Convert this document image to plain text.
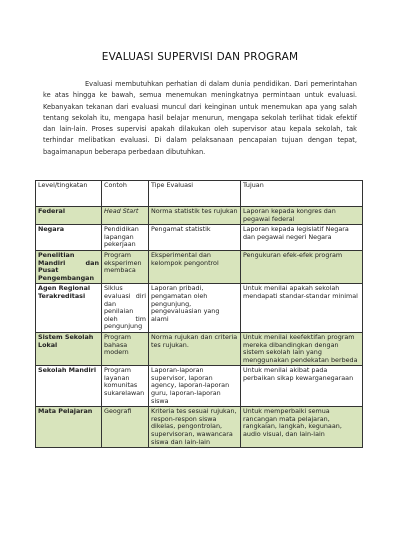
EVALUASI SUPERVISI DAN PROGRAM
Evaluasi membutuhkan perhatian di dalam dunia pendidikan. Dari pemerintahan ke atas hingga ke bawah, semua menemukan meningkatnya permintaan untuk evaluasi. Kebanyakan tekanan dari evaluasi muncul dari keinginan untuk menemukan apa yang salah tentang sekolah itu, mengapa hasil belajar menurun, mengapa sekolah terlihat tidak efektif dan lain-lain. Proses supervisi apakah dilakukan oleh supervisor atau kepala sekolah, tak terhindar melibatkan evaluasi. Di dalam pelaksanaan pencapaian tujuan dengan tepat, bagaimanapun beberapa perbedaan dibutuhkan.
Level/tingkatan	Contoh	Tipe Evaluasi	Tujuan
Federal	Head Start	Norma statistik tes rujukan	Laporan kepada kongres dan pegawai federal
Negara	Pendidikan lapangan pekerjaan	Pengamat statistik	Laporan kepada legislatif Negara dan pegawai negeri Negara
Penelitian Mandiri dan Pusat Pengembangan	Program eksperimen membaca	Eksperimental dan kelompok pengontrol	Pengukuran efek-efek program
Agen Regional Terakreditasi	Siklus evaluasi diri dan penilaian oleh tim pengunjung	Laporan pribadi, pengamatan oleh pengunjung, pengevaluasian yang alami	Untuk menilai apakah sekolah mendapati standar-standar minimal
Sistem Sekolah Lokal	Program bahasa modern	Norma rujukan dan criteria tes rujukan.	Untuk menilai keefektifan program mereka dibandingkan dengan sistem sekolah lain yang menggunakan pendekatan berbeda
Sekolah Mandiri	Program layanan komunitas sukarelawan	Laporan-laporan supervisor, laporan agency, laporan-laporan guru, laporan-laporan siswa	Untuk menilai akibat pada perbaikan sikap kewarganegaraan
Mata Pelajaran	Geografi	Kriteria tes sesuai rujukan, respon-respon siswa dikelas, pengontrolan, supervisoran, wawancara siswa dan lain-lain	Untuk memperbaiki semua rancangan mata pelajaran, rangkaian, langkah, kegunaan, audio visual, dan lain-lain
